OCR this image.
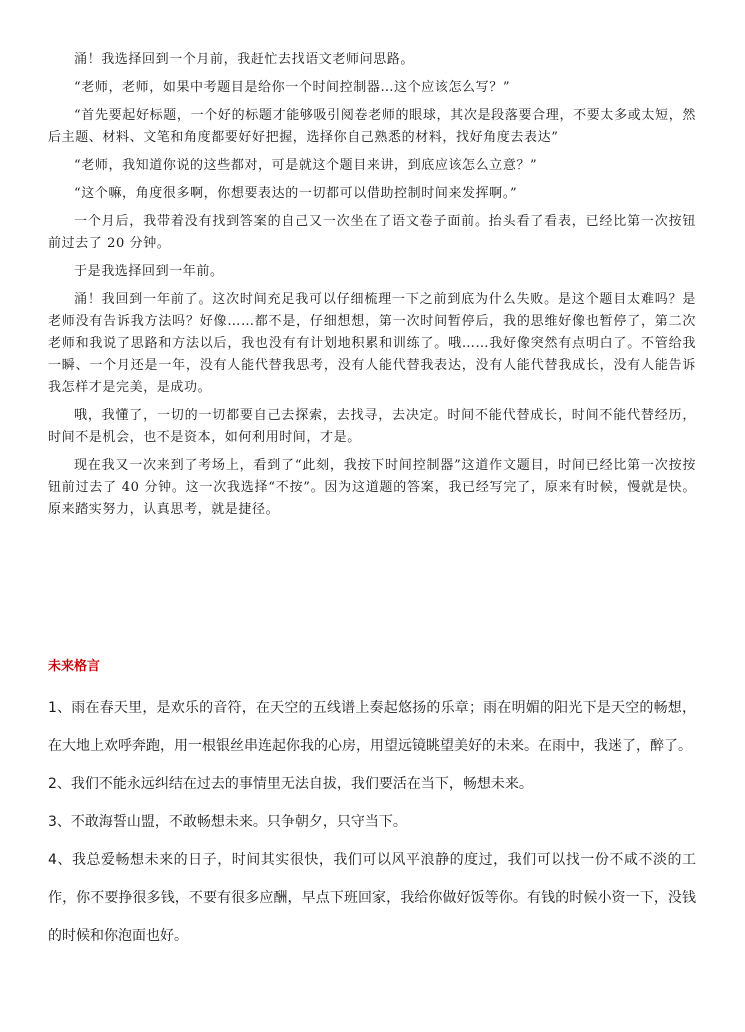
涌！我选择回到一个月前，我赶忙去找语文老师问思路。

“老师，老师，如果中考题目是给你一个时间控制器…这个应该怎么写？”

“首先要起好标题，一个好的标题才能够吸引阅卷老师的眼球，其次是段落要合理，不要太多或太短，然后主题、材料、文笔和角度都要好好把握，选择你自己熟悉的材料，找好角度去表达”

“老师，我知道你说的这些都对，可是就这个题目来讲，到底应该怎么立意？”

“这个嘛，角度很多啊，你想要表达的一切都可以借助控制时间来发挥啊。”

一个月后，我带着没有找到答案的自己又一次坐在了语文卷子面前。抬头看了看表，已经比第一次按钮前过去了 20 分钟。

于是我选择回到一年前。

涌！我回到一年前了。这次时间充足我可以仔细梳理一下之前到底为什么失败。是这个题目太难吗？是老师没有告诉我方法吗？好像……都不是，仔细想想，第一次时间暂停后，我的思维好像也暂停了，第二次老师和我说了思路和方法以后，我也没有有计划地积累和训练了。哦……我好像突然有点明白了。不管给我一瞬、一个月还是一年，没有人能代替我思考，没有人能代替我表达，没有人能代替我成长，没有人能告诉我怎样才是完美，是成功。

哦，我懂了，一切的一切都要自己去探索，去找寻，去决定。时间不能代替成长，时间不能代替经历，时间不是机会，也不是资本，如何利用时间，才是。

现在我又一次来到了考场上，看到了“此刻，我按下时间控制器”这道作文题目，时间已经比第一次按按钮前过去了 40 分钟。这一次我选择“不按”。因为这道题的答案，我已经写完了，原来有时候，慢就是快。原来踏实努力，认真思考，就是捷径。

未来格言

1、雨在春天里，是欢乐的音符，在天空的五线谱上奏起悠扬的乐章；雨在明媚的阳光下是天空的畅想，在大地上欢呼奔跑，用一根银丝串连起你我的心房，用望远镜眺望美好的未来。在雨中，我迷了，醉了。

2、我们不能永远纠结在过去的事情里无法自拔，我们要活在当下，畅想未来。

3、不敢海誓山盟，不敢畅想未来。只争朝夕，只守当下。

4、我总爱畅想未来的日子，时间其实很快，我们可以风平浪静的度过，我们可以找一份不咸不淡的工作，你不要挣很多钱，不要有很多应酬，早点下班回家，我给你做好饭等你。有钱的时候小资一下，没钱的时候和你泡面也好。
